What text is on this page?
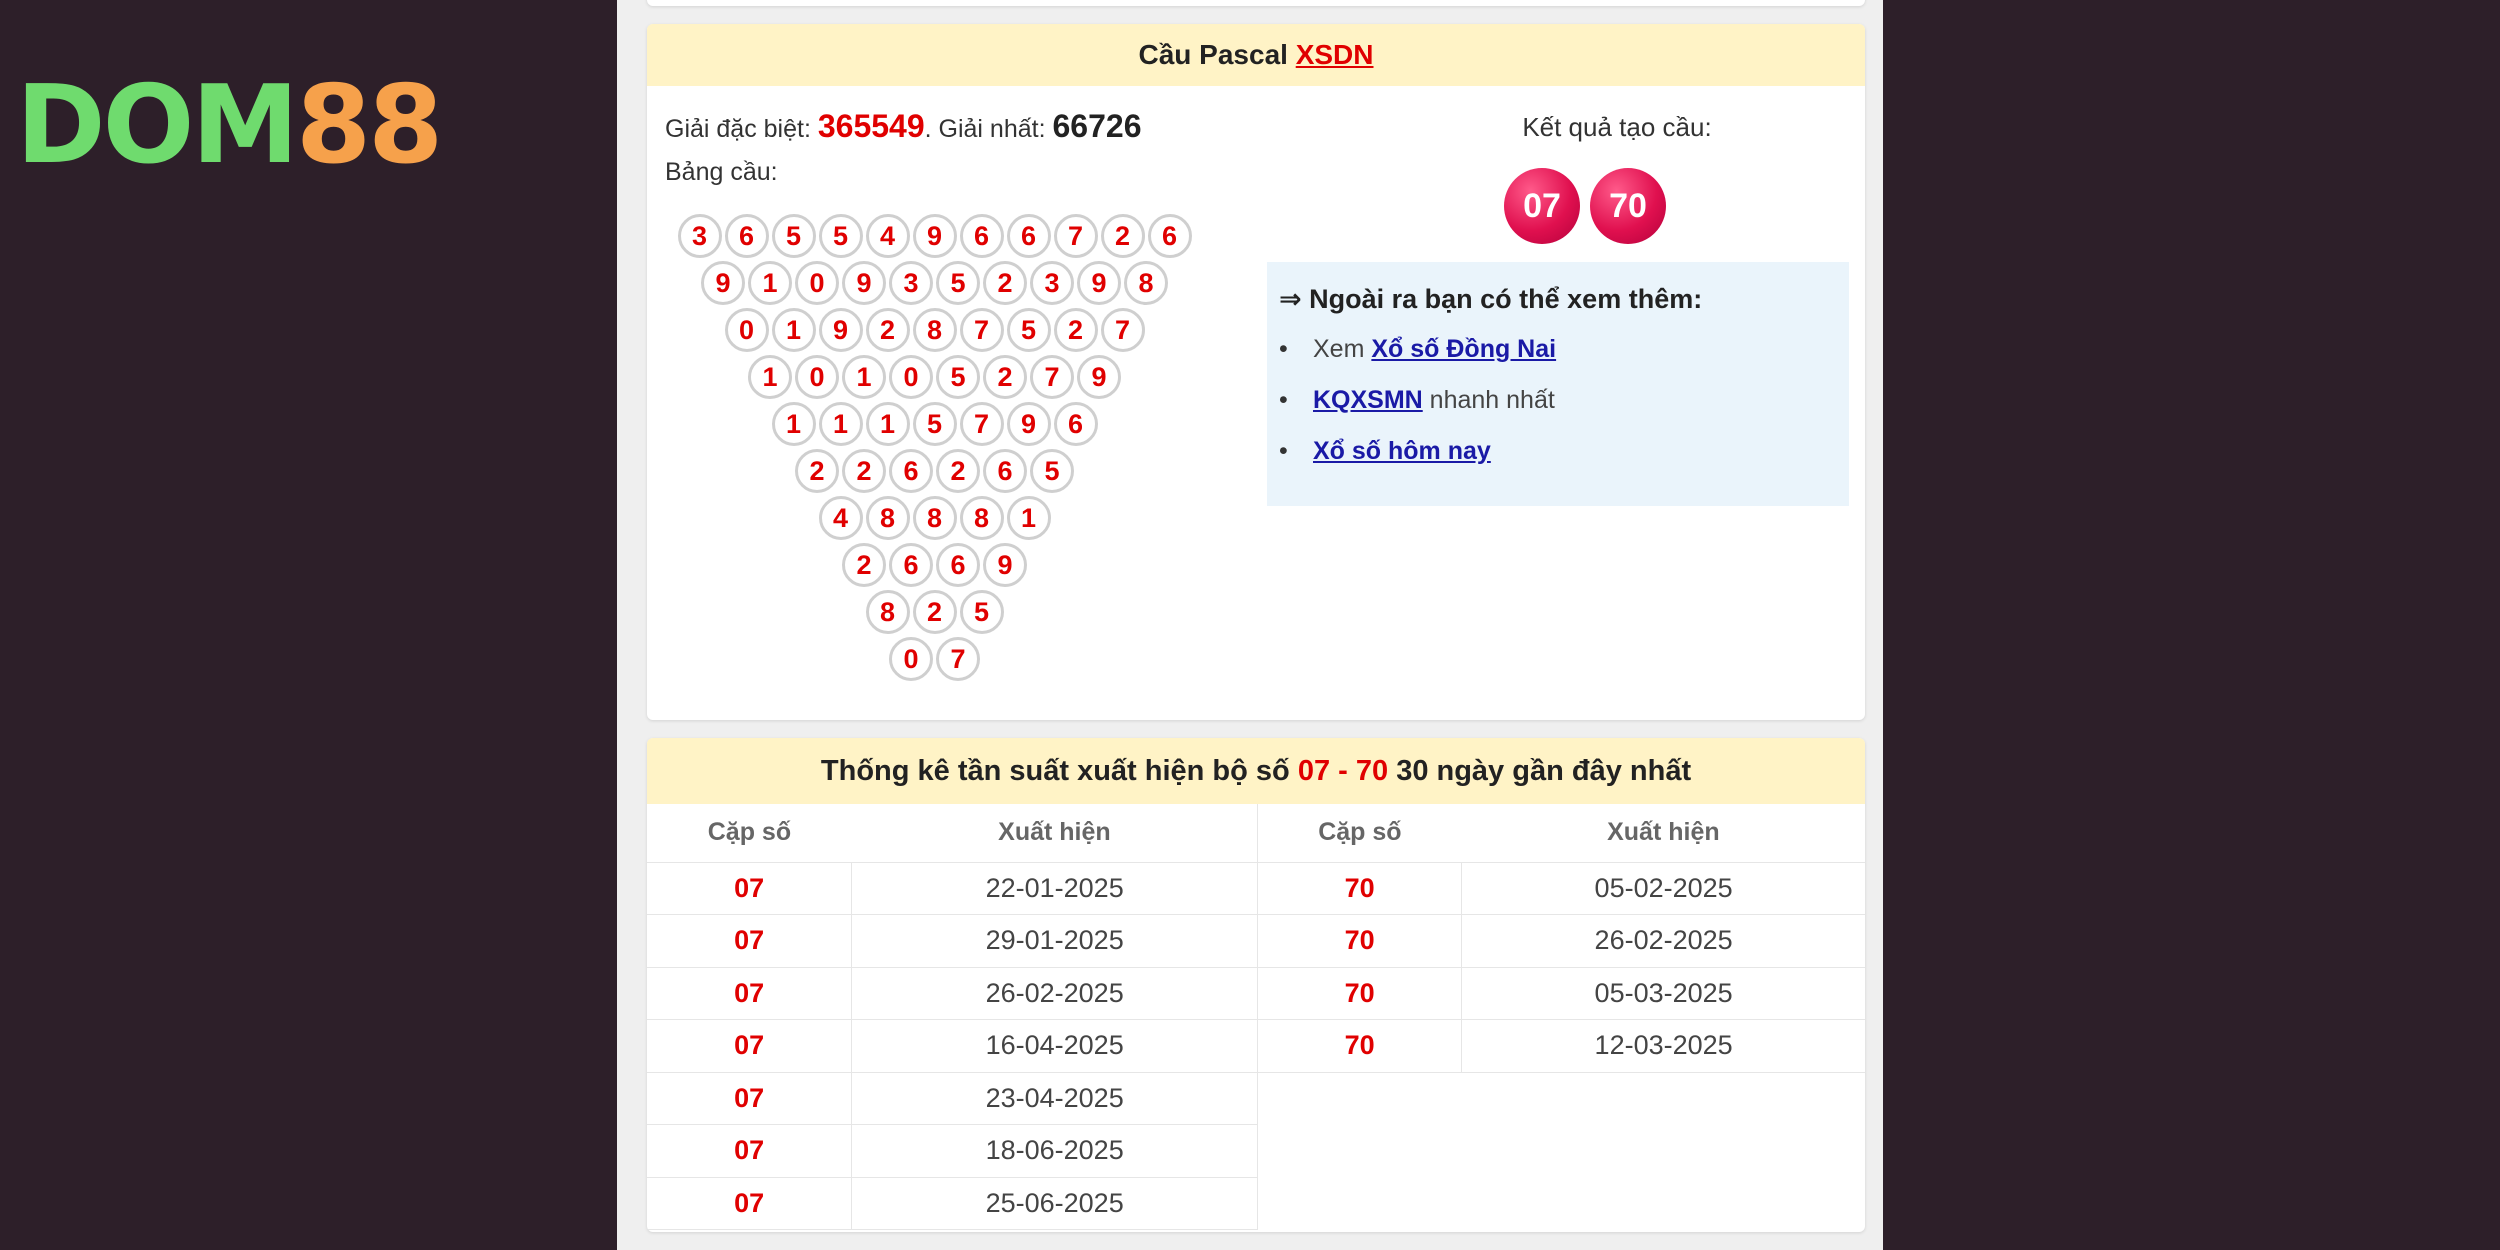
DOM88
Cầu Pascal
XSDN
Giải đặc biệt: 365549. Giải nhất: 66726
Bảng cầu:
3	6	5	5	4	9	6	6	7	2	6
9	1	0	9	3	5	2	3	9	8
0	1	9	2	8	7	5	2	7
1	0	1	0	5	2	7	9
1	1	1	5	7	9	6
2	2	6	2	6	5
4	8	8	8	1
2	6	6	9
8	2	5
0	7
Kết quả tạo cầu:
07	70
⇒ Ngoài ra bạn có thể xem thêm:
• Xem Xổ số Đồng Nai
• KQXSMN nhanh nhất
• Xổ số hôm nay
Thống kê tần suất xuất hiện bộ số
07 - 70
30 ngày gần đây nhất
Cặp số	Xuất hiện
07	22-01-2025
07	29-01-2025
07	26-02-2025
07	16-04-2025
07	23-04-2025
07	18-06-2025
07	25-06-2025
Cặp số	Xuất hiện
70	05-02-2025
70	26-02-2025
70	05-03-2025
70	12-03-2025
